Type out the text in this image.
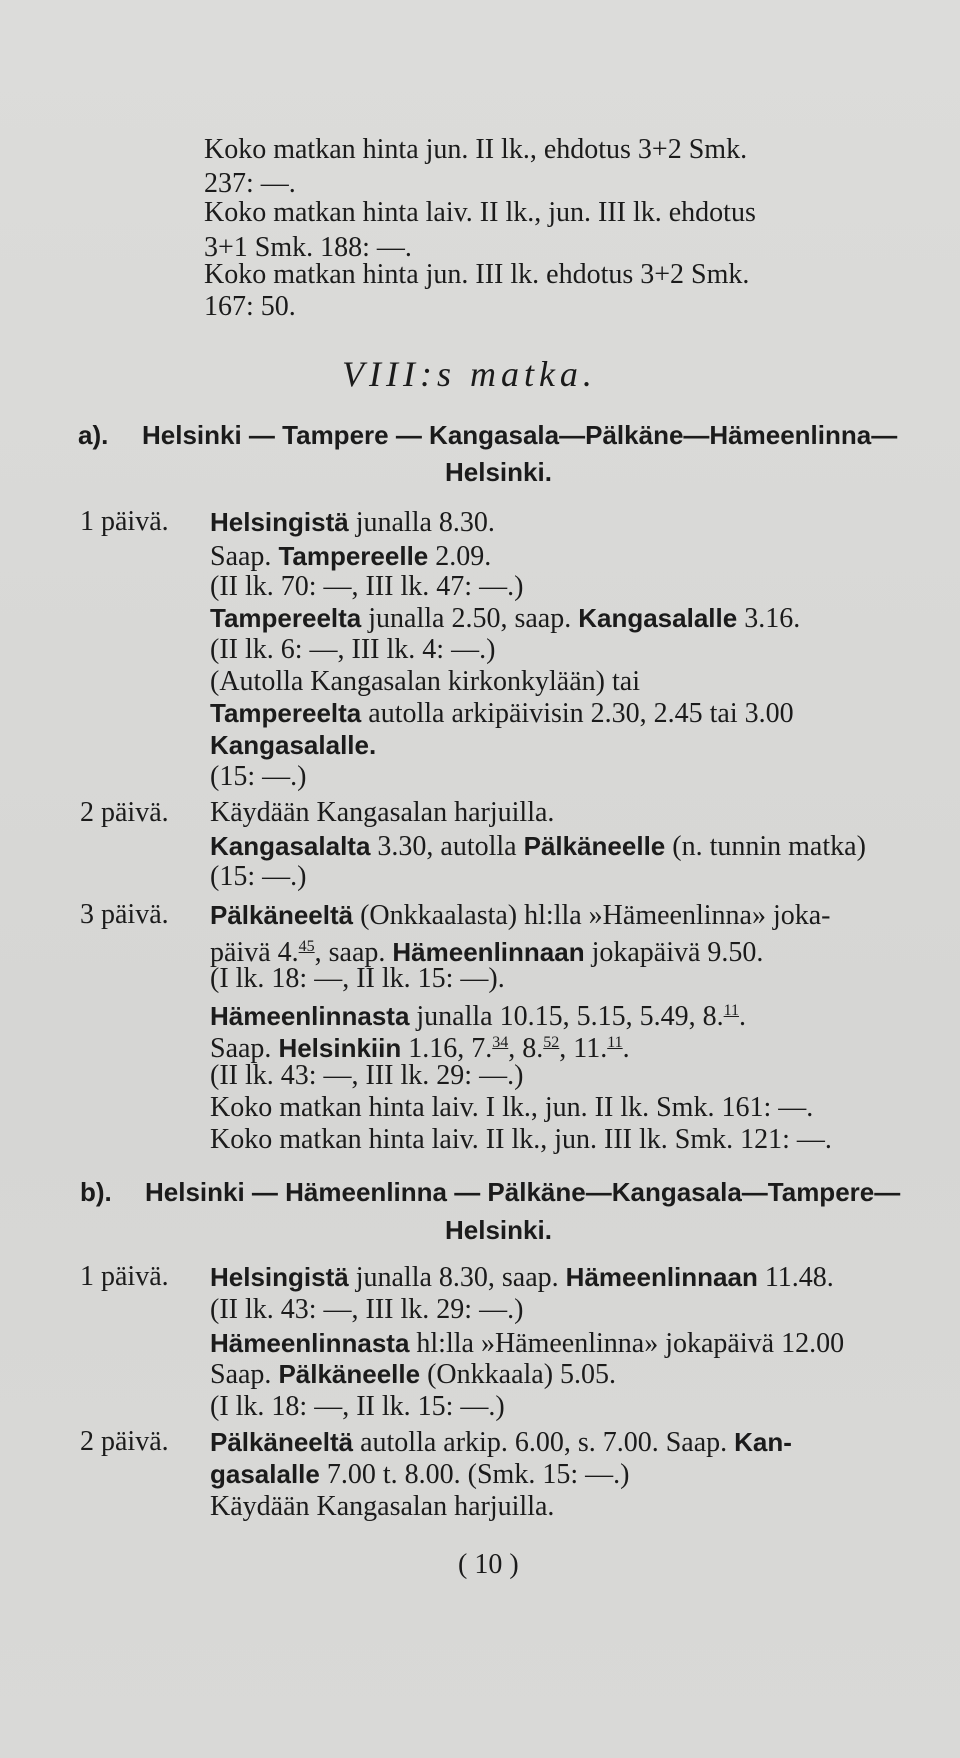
Koko matkan hinta jun. II lk., ehdotus 3+2 Smk.
237: —.
Koko matkan hinta laiv. II lk., jun. III lk. ehdotus
3+1 Smk. 188: —.
Koko matkan hinta jun. III lk. ehdotus 3+2 Smk.
167: 50.
VIII:s matka.
a). Helsinki — Tampere — Kangasala—Pälkäne—Hämeenlinna—
Helsinki.
1 päivä. Helsingistä junalla 8.30.
Saap. Tampereelle 2.09.
(II lk. 70: —, III lk. 47: —.)
Tampereelta junalla 2.50, saap. Kangasalalle 3.16.
(II lk. 6: —, III lk. 4: —.)
(Autolla Kangasalan kirkonkylään) tai
Tampereelta autolla arkipäivisin 2.30, 2.45 tai 3.00
Kangasalalle.
(15: —.)
2 päivä. Käydään Kangasalan harjuilla.
Kangasalalta 3.30, autolla Pälkäneelle (n. tunnin matka)
(15: —.)
3 päivä. Pälkäneeltä (Onkkaalasta) hl:lla »Hämeenlinna» joka-
päivä 4.45, saap. Hämeenlinnaan jokapäivä 9.50.
(I lk. 18: —, II lk. 15: —).
Hämeenlinnasta junalla 10.15, 5.15, 5.49, 8.11.
Saap. Helsinkiin 1.16, 7.34, 8.52, 11.11.
(II lk. 43: —, III lk. 29: —.)
Koko matkan hinta laiv. I lk., jun. II lk. Smk. 161: —.
Koko matkan hinta laiv. II lk., jun. III lk. Smk. 121: —.
b). Helsinki — Hämeenlinna — Pälkäne—Kangasala—Tampere—
Helsinki.
1 päivä. Helsingistä junalla 8.30, saap. Hämeenlinnaan 11.48.
(II lk. 43: —, III lk. 29: —.)
Hämeenlinnasta hl:lla »Hämeenlinna» jokapäivä 12.00
Saap. Pälkäneelle (Onkkaala) 5.05.
(I lk. 18: —, II lk. 15: —.)
2 päivä. Pälkäneeltä autolla arkip. 6.00, s. 7.00. Saap. Kan-
gasalalle 7.00 t. 8.00. (Smk. 15: —.)
Käydään Kangasalan harjuilla.
( 10 )
